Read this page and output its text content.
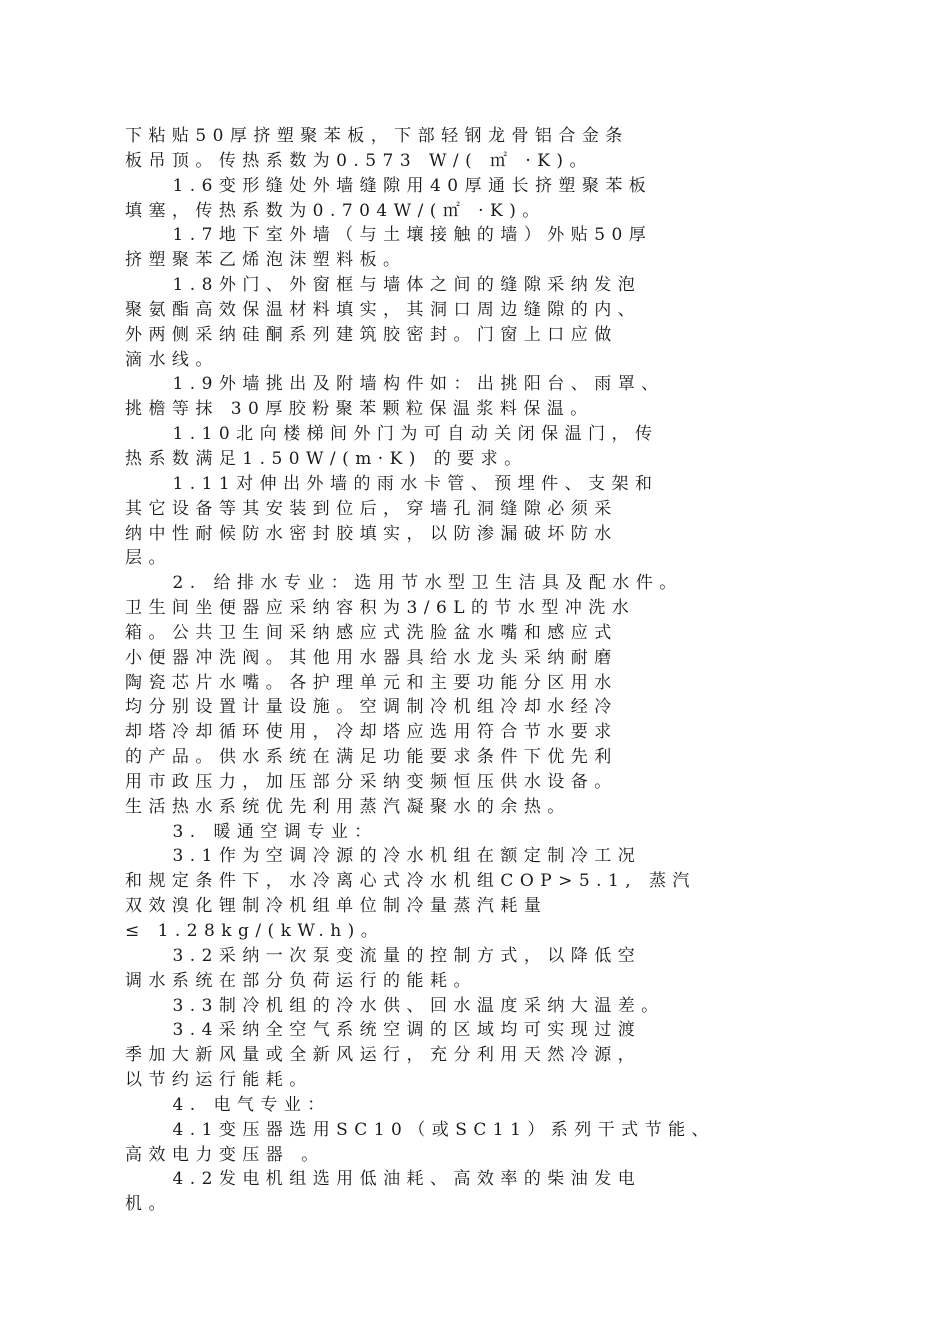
下粘贴50厚挤塑聚苯板，下部轻钢龙骨铝合金条
板吊顶。传热系数为0.573 W/( ㎡ ·K)。
1.6变形缝处外墙缝隙用40厚通长挤塑聚苯板
填塞，传热系数为0.704W/(㎡ ·K)。
1.7地下室外墙（与土壤接触的墙）外贴50厚
挤塑聚苯乙烯泡沫塑料板。
1.8外门、外窗框与墙体之间的缝隙采纳发泡
聚氨酯高效保温材料填实，其洞口周边缝隙的内、
外两侧采纳硅酮系列建筑胶密封。门窗上口应做
滴水线。
1.9外墙挑出及附墙构件如：出挑阳台、雨罩、
挑檐等抹 30厚胶粉聚苯颗粒保温浆料保温。
1.10北向楼梯间外门为可自动关闭保温门，传
热系数满足1.50W/(m·K) 的要求。
1.11对伸出外墙的雨水卡管、预埋件、支架和
其它设备等其安装到位后，穿墙孔洞缝隙必须采
纳中性耐候防水密封胶填实，以防渗漏破坏防水
层。
2. 给排水专业：选用节水型卫生洁具及配水件。
卫生间坐便器应采纳容积为3/6L的节水型冲洗水
箱。公共卫生间采纳感应式洗脸盆水嘴和感应式
小便器冲洗阀。其他用水器具给水龙头采纳耐磨
陶瓷芯片水嘴。各护理单元和主要功能分区用水
均分别设置计量设施。空调制冷机组冷却水经冷
却塔冷却循环使用，冷却塔应选用符合节水要求
的产品。供水系统在满足功能要求条件下优先利
用市政压力，加压部分采纳变频恒压供水设备。
生活热水系统优先利用蒸汽凝聚水的余热。
3. 暖通空调专业：
3.1作为空调冷源的冷水机组在额定制冷工况
和规定条件下，水冷离心式冷水机组COP>5.1, 蒸汽
双效溴化锂制冷机组单位制冷量蒸汽耗量
≤ 1.28kg/(kW.h)。
3.2采纳一次泵变流量的控制方式，以降低空
调水系统在部分负荷运行的能耗。
3.3制冷机组的冷水供、回水温度采纳大温差。
3.4采纳全空气系统空调的区域均可实现过渡
季加大新风量或全新风运行，充分利用天然冷源，
以节约运行能耗。
4. 电气专业：
4.1变压器选用SC10（或SC11）系列干式节能、
高效电力变压器 。
4.2发电机组选用低油耗、高效率的柴油发电
机。
